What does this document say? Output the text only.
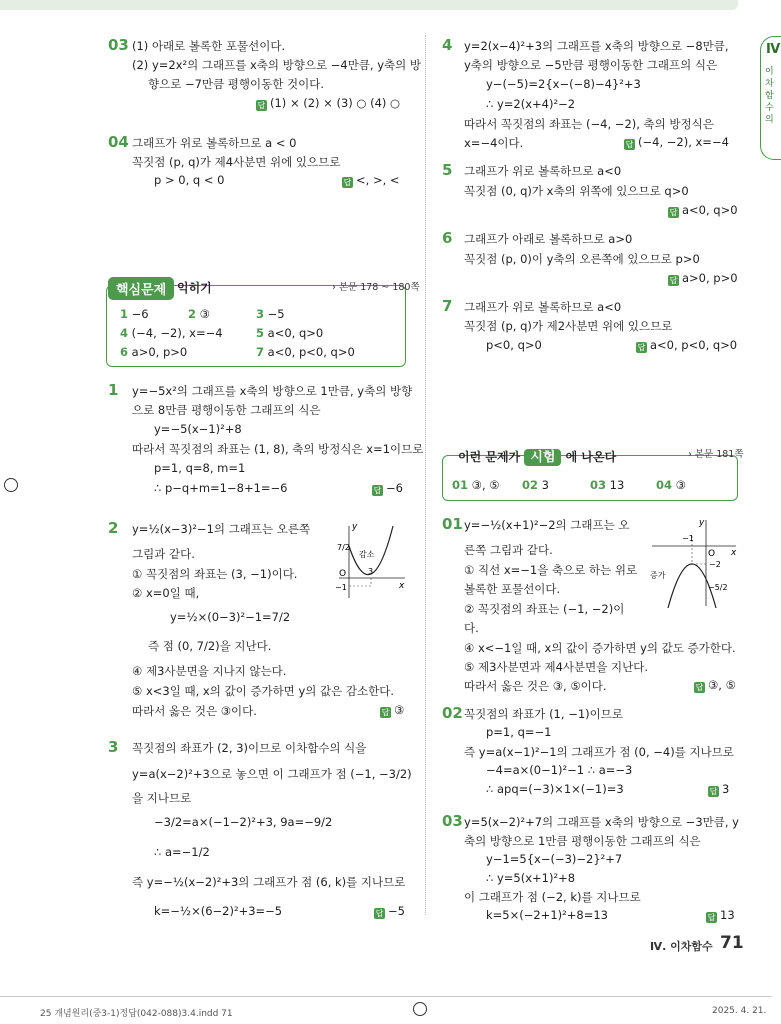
Ⅳ
이차함수의
03 (1) 아래로 볼록한 포물선이다.
(2) y=2x²의 그래프를 x축의 방향으로 −4만큼, y축의 방
향으로 −7만큼 평행이동한 것이다.
답 (1) × (2) × (3) ○ (4) ○
04 그래프가 위로 볼록하므로 a < 0
꼭짓점 (p, q)가 제4사분면 위에 있으므로
p > 0, q < 0	답 <, >, <
핵심문제 익히기	› 본문 178 ~ 180쪽
1 −6	2 ③	3 −5
4 (−4, −2), x=−4	5 a<0, q>0
6 a>0, p>0	7 a<0, p<0, q>0
1 y=−5x²의 그래프를 x축의 방향으로 1만큼, y축의 방향
으로 8만큼 평행이동한 그래프의 식은
y=−5(x−1)²+8
따라서 꼭짓점의 좌표는 (1, 8), 축의 방정식은 x=1이므로
p=1, q=8, m=1
∴ p−q+m=1−8+1=−6	답 −6
2 y=½(x−3)²−1의 그래프는 오른쪽
그림과 같다.
① 꼭짓점의 좌표는 (3, −1)이다.
② x=0일 때,
y=½×(0−3)²−1=7/2
즉 점 (0, 7/2)을 지난다.
④ 제3사분면을 지나지 않는다.
⑤ x<3일 때, x의 값이 증가하면 y의 값은 감소한다.
따라서 옳은 것은 ③이다.	답 ③
y
x
O
7/2
3
−1
감소
3 꼭짓점의 좌표가 (2, 3)이므로 이차함수의 식을
y=a(x−2)²+3으로 놓으면 이 그래프가 점 (−1, −3/2)
을 지나므로
−3/2=a×(−1−2)²+3, 9a=−9/2
∴ a=−1/2
즉 y=−½(x−2)²+3의 그래프가 점 (6, k)를 지나므로
k=−½×(6−2)²+3=−5	답 −5
4 y=2(x−4)²+3의 그래프를 x축의 방향으로 −8만큼,
y축의 방향으로 −5만큼 평행이동한 그래프의 식은
y−(−5)=2{x−(−8)−4}²+3
∴ y=2(x+4)²−2
따라서 꼭짓점의 좌표는 (−4, −2), 축의 방정식은
x=−4이다.	답 (−4, −2), x=−4
5 그래프가 위로 볼록하므로 a<0
꼭짓점 (0, q)가 x축의 위쪽에 있으므로 q>0
답 a<0, q>0
6 그래프가 아래로 볼록하므로 a>0
꼭짓점 (p, 0)이 y축의 오른쪽에 있으므로 p>0
답 a>0, p>0
7 그래프가 위로 볼록하므로 a<0
꼭짓점 (p, q)가 제2사분면 위에 있으므로
p<0, q>0	답 a<0, p<0, q>0
이런 문제가 시험 에 나온다	› 본문 181쪽
01 ③, ⑤ 02 3	03 13	04 ③
01 y=−½(x+1)²−2의 그래프는 오
른쪽 그림과 같다.
① 직선 x=−1을 축으로 하는 위로
볼록한 포물선이다.
② 꼭짓점의 좌표는 (−1, −2)이
다.
④ x<−1일 때, x의 값이 증가하면 y의 값도 증가한다.
⑤ 제3사분면과 제4사분면을 지난다.
따라서 옳은 것은 ③, ⑤이다.	답 ③, ⑤
y
x
O
−1
−2
−5/2
증가
02 꼭짓점의 좌표가 (1, −1)이므로
p=1, q=−1
즉 y=a(x−1)²−1의 그래프가 점 (0, −4)를 지나므로
−4=a×(0−1)²−1 ∴ a=−3
∴ apq=(−3)×1×(−1)=3	답 3
03 y=5(x−2)²+7의 그래프를 x축의 방향으로 −3만큼, y
축의 방향으로 1만큼 평행이동한 그래프의 식은
y−1=5{x−(−3)−2}²+7
∴ y=5(x+1)²+8
이 그래프가 점 (−2, k)를 지나므로
k=5×(−2+1)²+8=13	답 13
Ⅳ. 이차함수 71
25 개념원리(중3-1)정답(042-088)3.4.indd 71	2025. 4. 21.
